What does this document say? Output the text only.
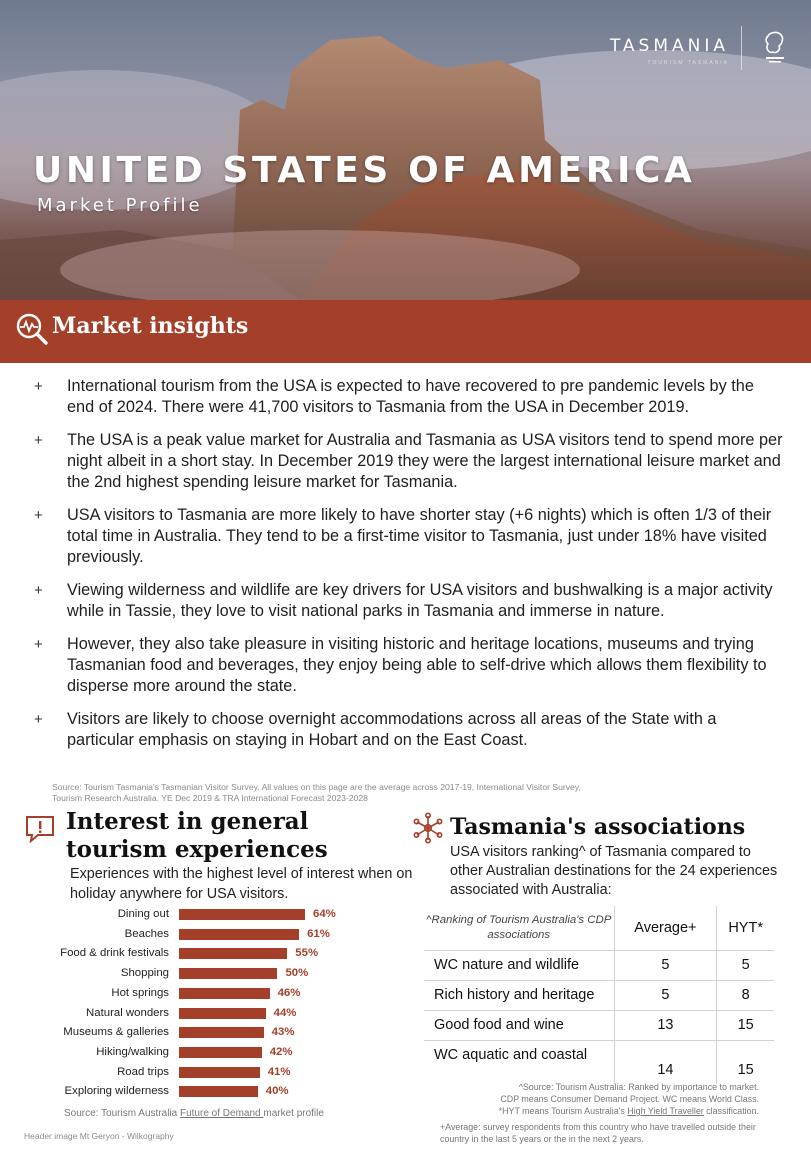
TASMANIA
TOURISM TASMANIA
UNITED STATES OF AMERICA
Market Profile
Market insights
+	International tourism from the USA is expected to have recovered to pre pandemic levels by the end of 2024. There were 41,700 visitors to Tasmania from the USA in December 2019.
+	The USA is a peak value market for Australia and Tasmania as USA visitors tend to spend more per night albeit in a short stay. In December 2019 they were the largest international leisure market and the 2nd highest spending leisure market for Tasmania.
+	USA visitors to Tasmania are more likely to have shorter stay (+6 nights) which is often 1/3 of their total time in Australia. They tend to be a first-time visitor to Tasmania, just under 18% have visited previously.
+	Viewing wilderness and wildlife are key drivers for USA visitors and bushwalking is a major activity while in Tassie, they love to visit national parks in Tasmania and immerse in nature.
+	However, they also take pleasure in visiting historic and heritage locations, museums and trying Tasmanian food and beverages, they enjoy being able to self-drive which allows them flexibility to disperse more around the state.
+	Visitors are likely to choose overnight accommodations across all areas of the State with a particular emphasis on staying in Hobart and on the East Coast.
Source: Tourism Tasmania's Tasmanian Visitor Survey. All values on this page are the average across 2017-19, International Visitor Survey, Tourism Research Australia. YE Dec 2019 & TRA International Forecast 2023-2028
Interest in general tourism experiences
Experiences with the highest level of interest when on holiday anywhere for USA visitors.
Dining out	64%
Beaches	61%
Food & drink festivals	55%
Shopping	50%
Hot springs	46%
Natural wonders	44%
Museums & galleries	43%
Hiking/walking	42%
Road trips	41%
Exploring wilderness	40%
Source: Tourism Australia Future of Demand market profile
Header image Mt Geryon - Wilkography
Tasmania's associations
USA visitors ranking^ of Tasmania compared to other Australian destinations for the 24 experiences associated with Australia:
^Ranking of Tourism Australia's CDP associations	Average+	HYT*
WC nature and wildlife	5	5
Rich history and heritage	5	8
Good food and wine	13	15
WC aquatic and coastal	14	15
^Source: Tourism Australia: Ranked by importance to market.
CDP means Consumer Demand Project. WC means World Class.
*HYT means Tourism Australia's High Yield Traveller classification.
+Average: survey respondents from this country who have travelled outside their country in the last 5 years or the in the next 2 years.
